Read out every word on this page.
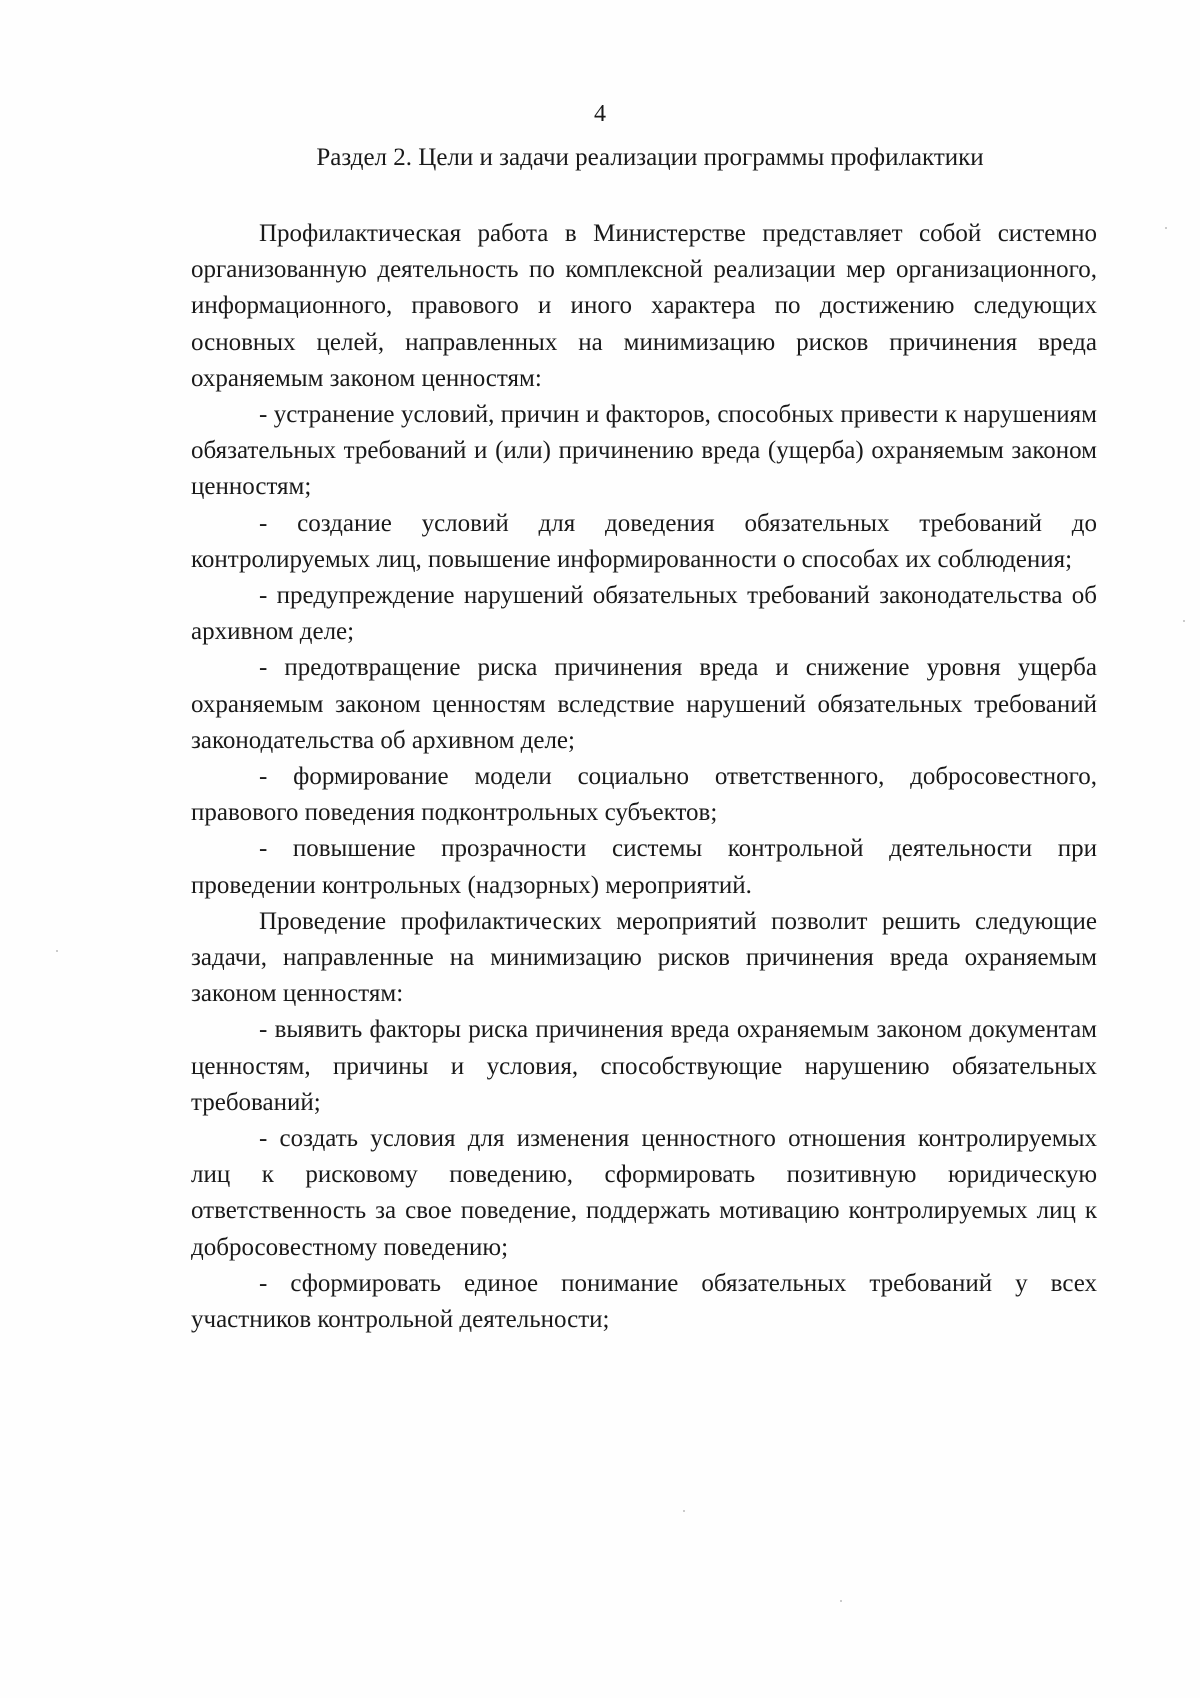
4
Раздел 2. Цели и задачи реализации программы профилактики

Профилактическая работа в Министерстве представляет собой системно организованную деятельность по комплексной реализации мер организационного, информационного, правового и иного характера по достижению следующих основных целей, направленных на минимизацию рисков причинения вреда охраняемым законом ценностям:

- устранение условий, причин и факторов, способных привести к нарушениям обязательных требований и (или) причинению вреда (ущерба) охраняемым законом ценностям;

- создание условий для доведения обязательных требований до контролируемых лиц, повышение информированности о способах их соблюдения;

- предупреждение нарушений обязательных требований законодательства об архивном деле;

- предотвращение риска причинения вреда и снижение уровня ущерба охраняемым законом ценностям вследствие нарушений обязательных требований законодательства об архивном деле;

- формирование модели социально ответственного, добросовестного, правового поведения подконтрольных субъектов;

- повышение прозрачности системы контрольной деятельности при проведении контрольных (надзорных) мероприятий.

Проведение профилактических мероприятий позволит решить следующие задачи, направленные на минимизацию рисков причинения вреда охраняемым законом ценностям:

- выявить факторы риска причинения вреда охраняемым законом документам ценностям, причины и условия, способствующие нарушению обязательных требований;

- создать условия для изменения ценностного отношения контролируемых лиц к рисковому поведению, сформировать позитивную юридическую ответственность за свое поведение, поддержать мотивацию контролируемых лиц к добросовестному поведению;

- сформировать единое понимание обязательных требований у всех участников контрольной деятельности;
